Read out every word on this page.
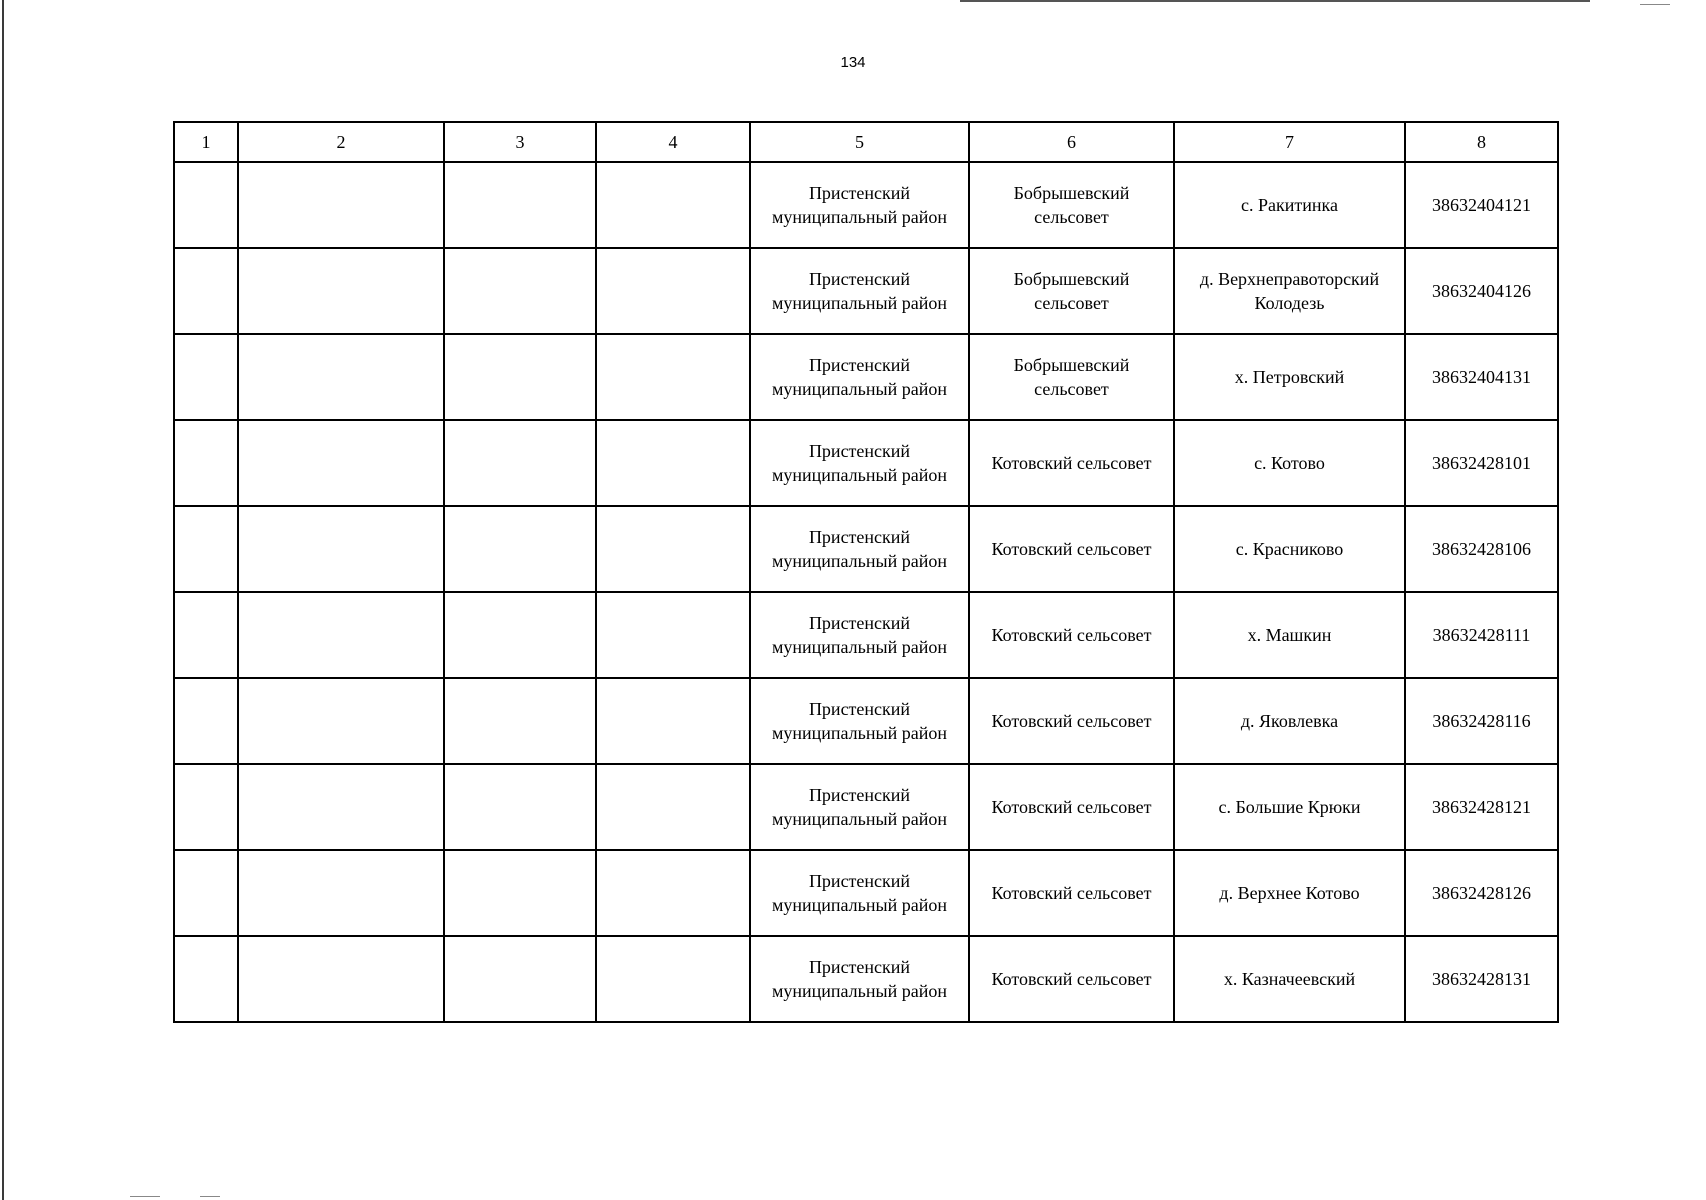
134
1	2	3	4	5	6	7	8
				Пристенский муниципальный район	Бобрышевский сельсовет	с. Ракитинка	38632404121
				Пристенский муниципальный район	Бобрышевский сельсовет	д. Верхнеправоторский Колодезь	38632404126
				Пристенский муниципальный район	Бобрышевский сельсовет	х. Петровский	38632404131
				Пристенский муниципальный район	Котовский сельсовет	с. Котово	38632428101
				Пристенский муниципальный район	Котовский сельсовет	с. Красниково	38632428106
				Пристенский муниципальный район	Котовский сельсовет	х. Машкин	38632428111
				Пристенский муниципальный район	Котовский сельсовет	д. Яковлевка	38632428116
				Пристенский муниципальный район	Котовский сельсовет	с. Большие Крюки	38632428121
				Пристенский муниципальный район	Котовский сельсовет	д. Верхнее Котово	38632428126
				Пристенский муниципальный район	Котовский сельсовет	х. Казначеевский	38632428131
